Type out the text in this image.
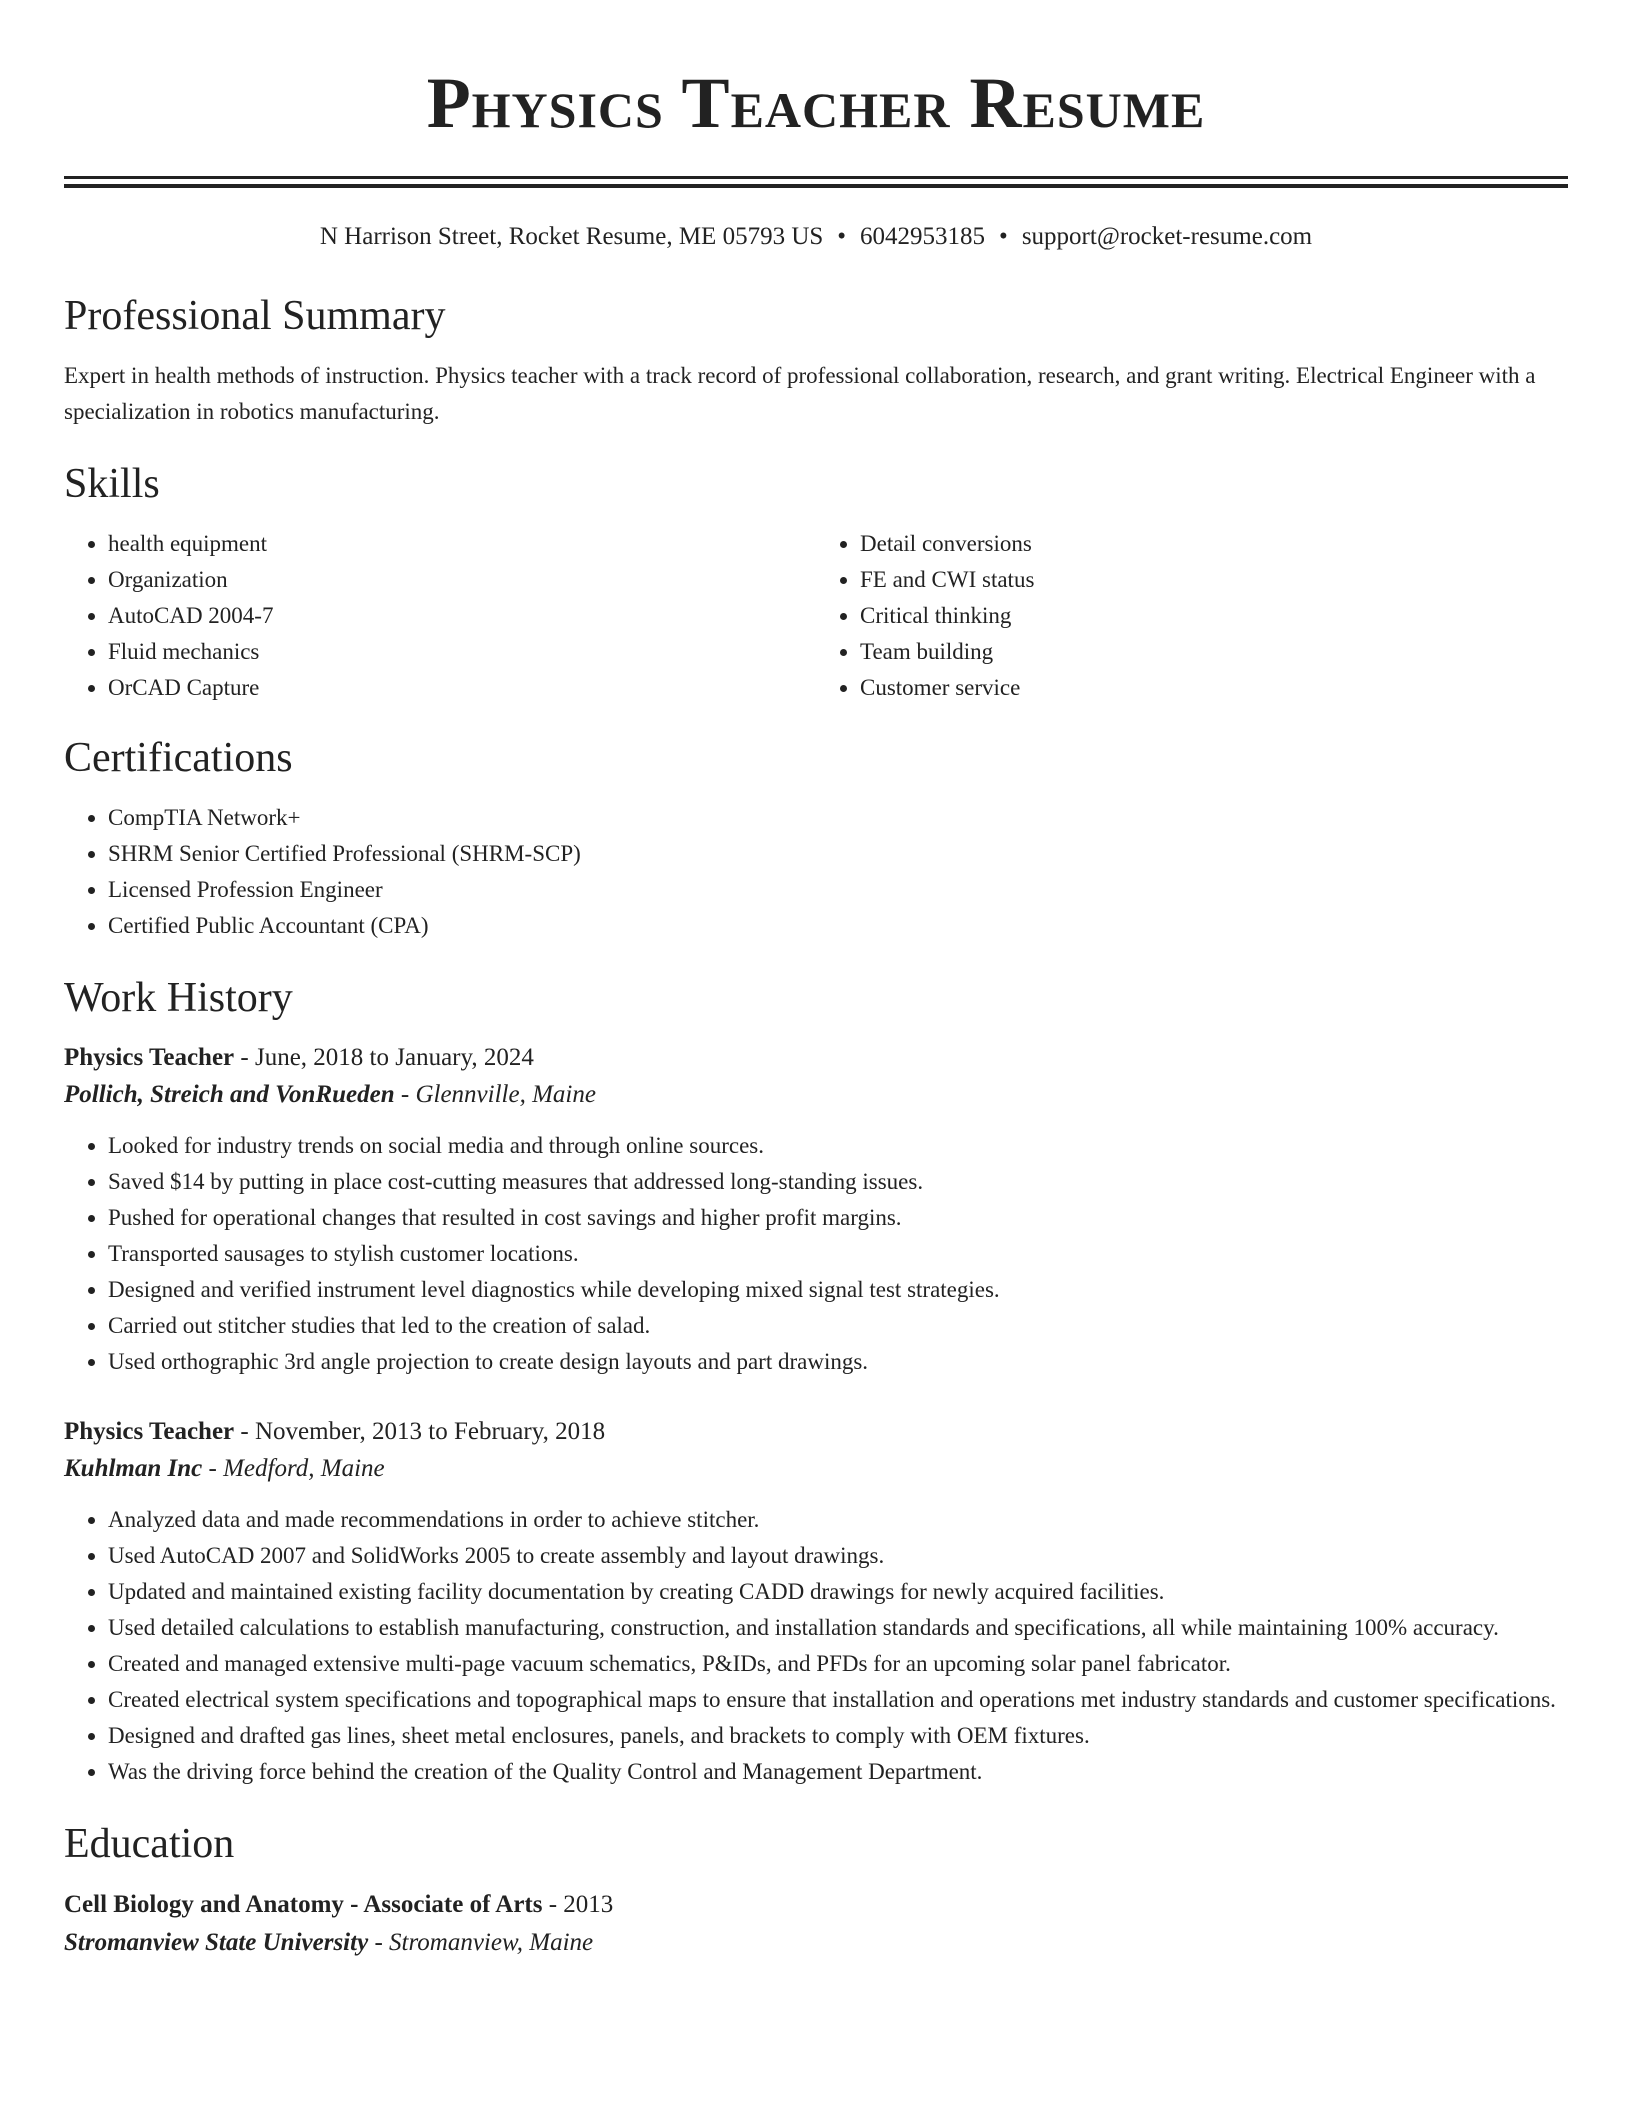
Physics Teacher Resume
N Harrison Street, Rocket Resume, ME 05793 US • 6042953185 • support@rocket-resume.com
Professional Summary

Expert in health methods of instruction. Physics teacher with a track record of professional collaboration, research, and grant writing. Electrical Engineer with a specialization in robotics manufacturing.

Skills
• health equipment
• Organization
• AutoCAD 2004-7
• Fluid mechanics
• OrCAD Capture
• Detail conversions
• FE and CWI status
• Critical thinking
• Team building
• Customer service
Certifications
• CompTIA Network+
• SHRM Senior Certified Professional (SHRM-SCP)
• Licensed Profession Engineer
• Certified Public Accountant (CPA)
Work History
Physics Teacher - June, 2018 to January, 2024
Pollich, Streich and VonRueden - Glennville, Maine
• Looked for industry trends on social media and through online sources.
• Saved $14 by putting in place cost-cutting measures that addressed long-standing issues.
• Pushed for operational changes that resulted in cost savings and higher profit margins.
• Transported sausages to stylish customer locations.
• Designed and verified instrument level diagnostics while developing mixed signal test strategies.
• Carried out stitcher studies that led to the creation of salad.
• Used orthographic 3rd angle projection to create design layouts and part drawings.
Physics Teacher - November, 2013 to February, 2018
Kuhlman Inc - Medford, Maine
• Analyzed data and made recommendations in order to achieve stitcher.
• Used AutoCAD 2007 and SolidWorks 2005 to create assembly and layout drawings.
• Updated and maintained existing facility documentation by creating CADD drawings for newly acquired facilities.
• Used detailed calculations to establish manufacturing, construction, and installation standards and specifications, all while maintaining 100% accuracy.
• Created and managed extensive multi-page vacuum schematics, P&IDs, and PFDs for an upcoming solar panel fabricator.
• Created electrical system specifications and topographical maps to ensure that installation and operations met industry standards and customer specifications.
• Designed and drafted gas lines, sheet metal enclosures, panels, and brackets to comply with OEM fixtures.
• Was the driving force behind the creation of the Quality Control and Management Department.
Education
Cell Biology and Anatomy - Associate of Arts - 2013
Stromanview State University - Stromanview, Maine
